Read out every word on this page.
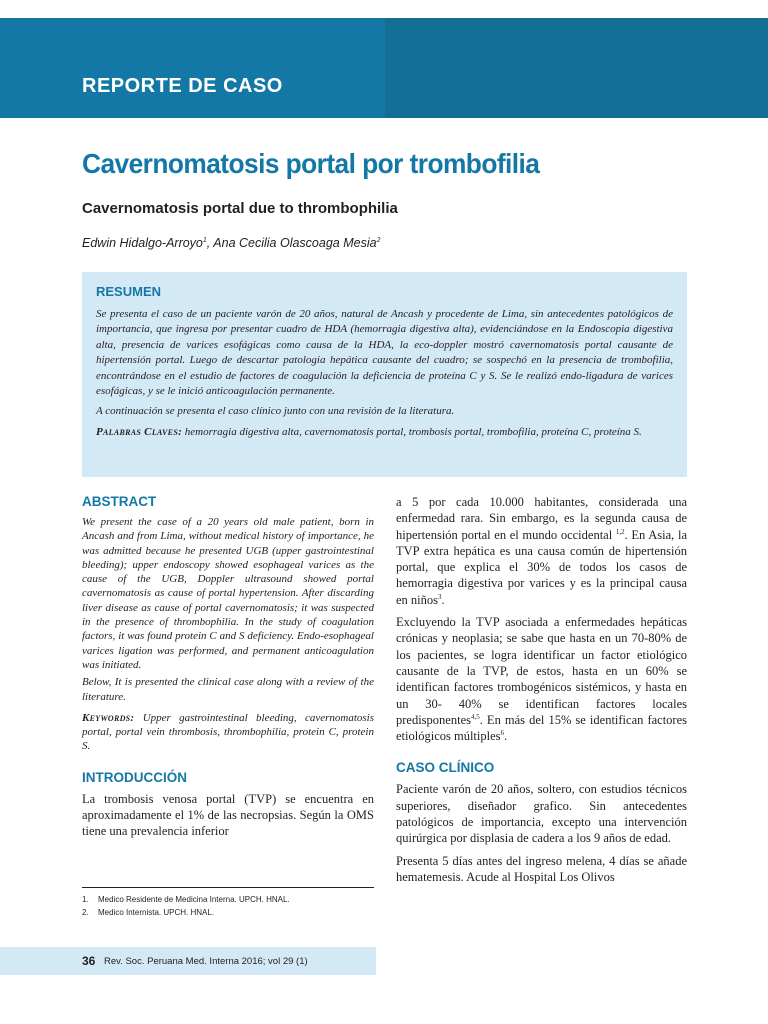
REPORTE DE CASO
Cavernomatosis portal por trombofilia
Cavernomatosis portal due to thrombophilia
Edwin Hidalgo-Arroyo$^1$, Ana Cecilia Olascoaga Mesia$^2$
RESUMEN

Se presenta el caso de un paciente varón de 20 años, natural de Ancash y procedente de Lima, sin antecedentes patológicos de importancia, que ingresa por presentar cuadro de HDA (hemorragia digestiva alta), evidenciándose en la Endoscopia digestiva alta, presencia de varices esofágicas como causa de la HDA, la eco-doppler mostró cavernomatosis portal causante de hipertensión portal. Luego de descartar patologia hepática causante del cuadro; se sospechó en la presencia de trombofilia, encontrándose en el estudio de factores de coagulación la deficiencia de proteína C y S. Se le realizó endo-ligadura de varices esofágicas, y se le inició anticoagulación permanente.

A continuación se presenta el caso clínico junto con una revisión de la literatura.

Palabras Claves: hemorragia digestiva alta, cavernomatosis portal, trombosis portal, trombofilia, proteína C, proteína S.

ABSTRACT

We present the case of a 20 years old male patient, born in Ancash and from Lima, without medical history of importance, he was admitted because he presented UGB (upper gastrointestinal bleeding); upper endoscopy showed esophageal varices as the cause of the UGB, Doppler ultrasound showed portal cavernomatosis as cause of portal hypertension. After discarding liver disease as cause of portal cavernomatosis; it was suspected in the presence of thrombophilia. In the study of coagulation factors, it was found protein C and S deficiency. Endo-esophageal varices ligation was performed, and permanent anticoagulation was initiated.

Below, It is presented the clinical case along with a review of the literature.

Keywords: Upper gastrointestinal bleeding, cavernomatosis portal, portal vein thrombosis, thrombophilia, protein C, protein S.

INTRODUCCIÓN

La trombosis venosa portal (TVP) se encuentra en aproximadamente el 1% de las necropsias. Según la OMS tiene una prevalencia inferior

a 5 por cada 10.000 habitantes, considerada una enfermedad rara. Sin embargo, es la segunda causa de hipertensión portal en el mundo occidental $^{1,2}$. En Asia, la TVP extra hepática es una causa común de hipertensión portal, que explica el 30% de todos los casos de hemorragia digestiva por varices y es la principal causa en niños$^3$.

Excluyendo la TVP asociada a enfermedades hepáticas crónicas y neoplasia; se sabe que hasta en un 70-80% de los pacientes, se logra identificar un factor etiológico causante de la TVP, de estos, hasta en un 60% se identifican factores trombogénicos sistémicos, y hasta en un 30- 40% se identifican factores locales predisponentes$^{4,5}$. En más del 15% se identifican factores etiológicos múltiples$^6$.

CASO CLÍNICO

Paciente varón de 20 años, soltero, con estudios técnicos superiores, diseñador grafico. Sin antecedentes patológicos de importancia, excepto una intervención quirúrgica por displasia de cadera a los 9 años de edad.

Presenta 5 días antes del ingreso melena, 4 días se añade hematemesis. Acude al Hospital Los Olivos

1. Medico Residente de Medicina Interna. UPCH. HNAL.
2. Medico Internista. UPCH. HNAL.
36 Rev. Soc. Peruana Med. Interna 2016; vol 29 (1)
